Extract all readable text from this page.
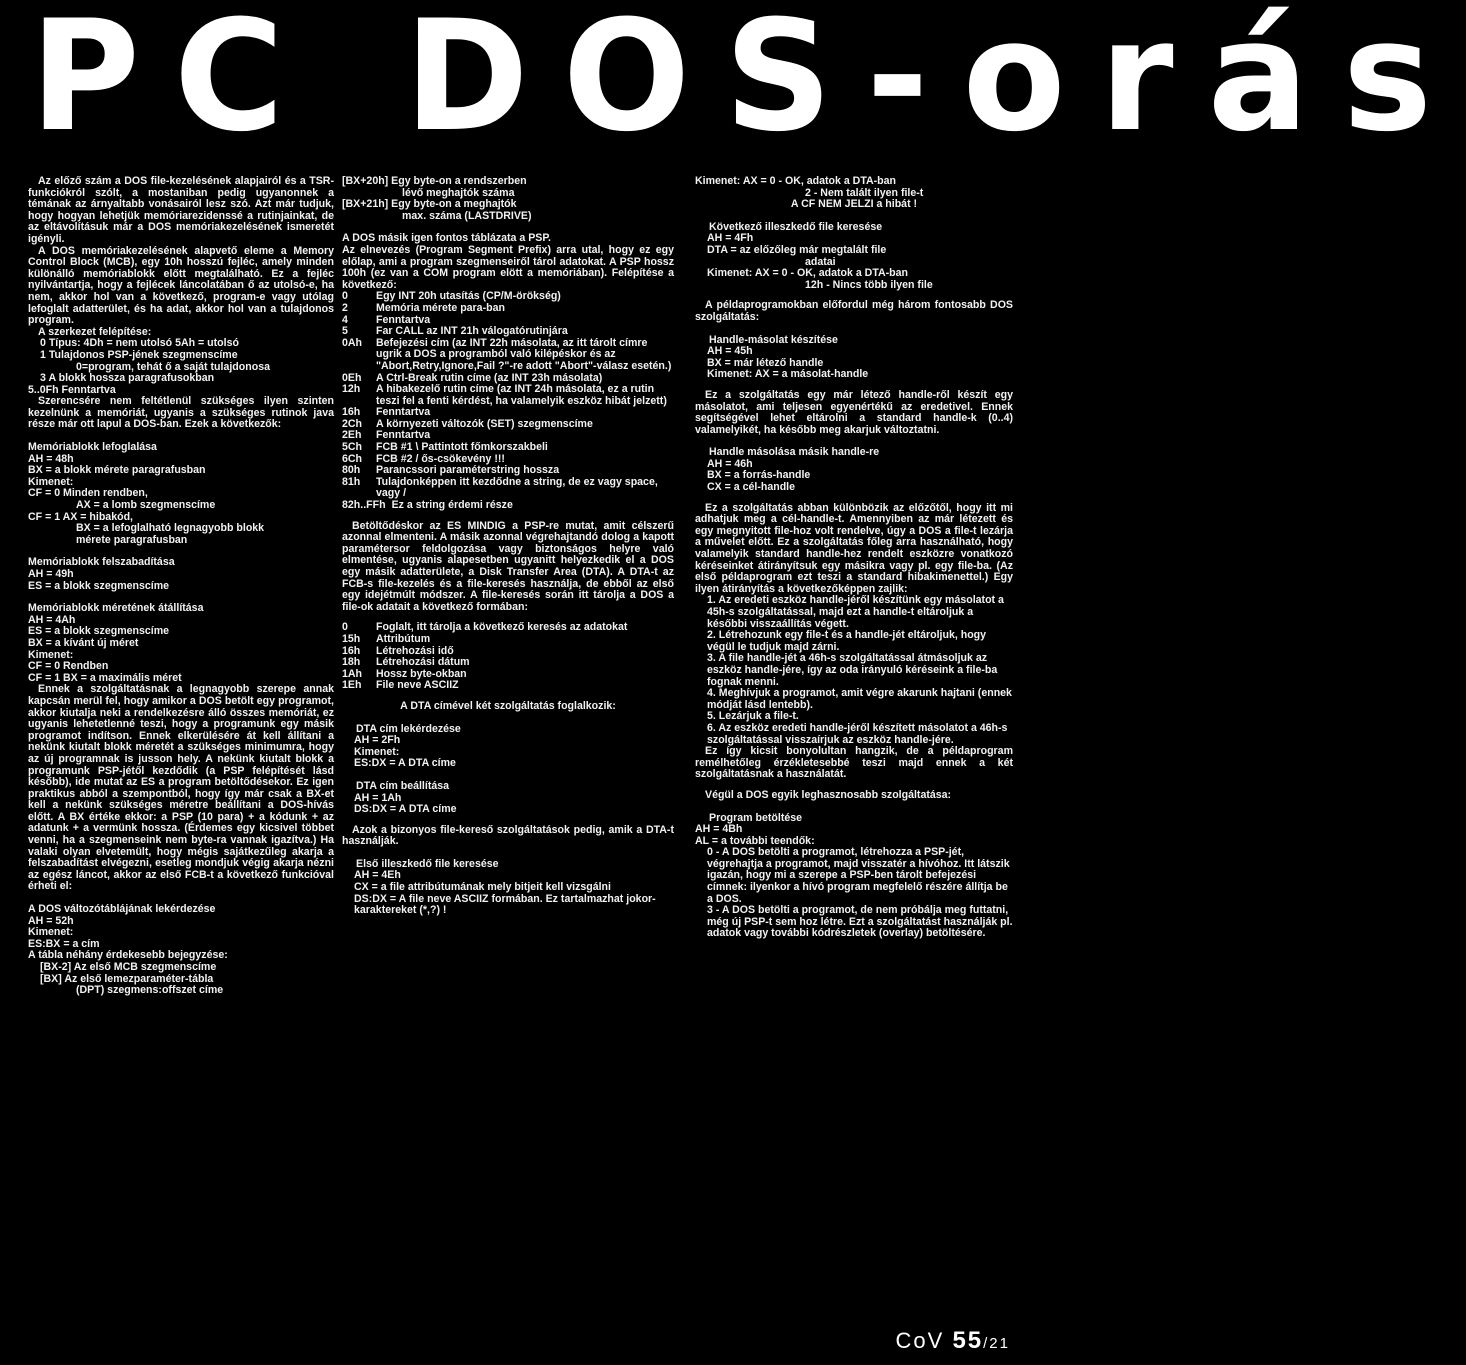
PC DOS-orás

Az előző szám a DOS file-kezelésének alapjairól és a TSR-funkciókról szólt, a mostaniban pedig ugyanonnek a témának az árnyaltabb vonásairól lesz szó. Azt már tudjuk, hogy hogyan lehetjük memóriarezidenssé a rutinjainkat, de az eltávolításuk már a DOS memóriakezelésének ismeretét igényli.

A DOS memóriakezelésének alapvető eleme a Memory Control Block (MCB), egy 10h hosszú fejléc, amely minden különálló memóriablokk előtt megtalálható. Ez a fejléc nyilvántartja, hogy a fejlécek láncolatában ő az utolsó-e, ha nem, akkor hol van a következő, program-e vagy utólag lefoglalt adatterület, és ha adat, akkor hol van a tulajdonos program.

A szerkezet felépítése:

0 Típus: 4Dh = nem utolsó 5Ah = utolsó
1 Tulajdonos PSP-jének szegmenscíme
0=program, tehát ő a saját tulajdonosa
3 A blokk hossza paragrafusokban
5..0Fh Fenntartva

Szerencsére nem feltétlenül szükséges ilyen szinten kezelnünk a memóriát, ugyanis a szükséges rutinok java része már ott lapul a DOS-ban. Ezek a következők:

Memóriablokk lefoglalása
AH = 48h
BX = a blokk mérete paragrafusban
Kimenet:
CF = 0 Minden rendben,
AX = a lomb szegmenscíme
CF = 1 AX = hibakód,
BX = a lefoglalható legnagyobb blokk
mérete paragrafusban
Memóriablokk felszabadítása
AH = 49h
ES = a blokk szegmenscíme
Memóriablokk méretének átállítása
AH = 4Ah
ES = a blokk szegmenscíme
BX = a kívánt új méret
Kimenet:
CF = 0 Rendben
CF = 1 BX = a maximális méret

Ennek a szolgáltatásnak a legnagyobb szerepe annak kapcsán merül fel, hogy amikor a DOS betölt egy programot, akkor kiutalja neki a rendelkezésre álló összes memóriát, ez ugyanis lehetetlenné teszi, hogy a programunk egy másik programot indítson. Ennek elkerülésére át kell állítani a nekünk kiutalt blokk méretét a szükséges minimumra, hogy az új programnak is jusson hely. A nekünk kiutalt blokk a programunk PSP-jétől kezdődik (a PSP felépítését lásd később), ide mutat az ES a program betöltődésekor. Ez igen praktikus abból a szempontból, hogy így már csak a BX-et kell a nekünk szükséges méretre beállítani a DOS-hívás előtt. A BX értéke ekkor: a PSP (10 para) + a kódunk + az adatunk + a vermünk hossza. (Érdemes egy kicsivel többet venni, ha a szegmenseink nem byte-ra vannak igazítva.) Ha valaki olyan elvetemült, hogy mégis sajátkezűleg akarja a felszabadítást elvégezni, esetleg mondjuk végig akarja nézni az egész láncot, akkor az első FCB-t a következő funkcióval érheti el:

A DOS változótáblájának lekérdezése
AH = 52h
Kimenet:
ES:BX = a cím
A tábla néhány érdekesebb bejegyzése:
[BX-2] Az első MCB szegmenscíme
[BX] Az első lemezparaméter-tábla
(DPT) szegmens:offszet címe
[BX+20h] Egy byte-on a rendszerben
lévő meghajtók száma
[BX+21h] Egy byte-on a meghajtók
max. száma (LASTDRIVE)
A DOS másik igen fontos táblázata a PSP.

Az elnevezés (Program Segment Prefix) arra utal, hogy ez egy előlap, ami a program szegmenseiről tárol adatokat. A PSP hossz 100h (ez van a COM program elött a memóriában). Felépítése a következő:

0	Egy INT 20h utasítás (CP/M-örökség)
2	Memória mérete para-ban
4	Fenntartva
5	Far CALL az INT 21h válogatórutinjára
0Ah	Befejezési cím (az INT 22h másolata, az itt tárolt címre ugrik a DOS a programból való kilépéskor és az "Abort,Retry,Ignore,Fail ?"-re adott "Abort"-válasz esetén.)
0Eh	A Ctrl-Break rutin címe (az INT 23h másolata)
12h	A hibakezelő rutin címe (az INT 24h másolata, ez a rutin teszi fel a fenti kérdést, ha valamelyik eszköz hibát jelzett)
16h	Fenntartva
2Ch	A környezeti változók (SET) szegmenscíme
2Eh	Fenntartva
5Ch	FCB #1 \ Pattintott főmkorszakbeli
6Ch	FCB #2 / ős-csökevény !!!
80h	Parancssori paraméterstring hossza
81h	Tulajdonképpen itt kezdődne a string, de ez vagy space, vagy /
82h..FFh Ez a string érdemi része

Betöltődéskor az ES MINDIG a PSP-re mutat, amit célszerű azonnal elmenteni. A másik azonnal végrehajtandó dolog a kapott paramétersor feldolgozása vagy biztonságos helyre való elmentése, ugyanis alapesetben ugyanitt helyezkedik el a DOS egy másik adatterülete, a Disk Transfer Area (DTA). A DTA-t az FCB-s file-kezelés és a file-keresés használja, de ebből az első egy idejétmúlt módszer. A file-keresés során itt tárolja a DOS a file-ok adatait a következő formában:

0	Foglalt, itt tárolja a következő keresés az adatokat
15h	Attribútum
16h	Létrehozási idő
18h	Létrehozási dátum
1Ah	Hossz byte-okban
1Eh	File neve ASCIIZ

A DTA címével két szolgáltatás foglalkozik:

DTA cím lekérdezése
AH = 2Fh
Kimenet:
ES:DX = A DTA címe
DTA cím beállítása
AH = 1Ah
DS:DX = A DTA címe

Azok a bizonyos file-kereső szolgáltatások pedig, amik a DTA-t használják.

Első illeszkedő file keresése
AH = 4Eh
CX = a file attribútumának mely bitjeit kell vizsgálni
DS:DX = A file neve ASCIIZ formában. Ez tartalmazhat jokor-karaktereket (*,?) !
Kimenet: AX = 0 - OK, adatok a DTA-ban
2 - Nem talált ilyen file-t
A CF NEM JELZI a hibát !
Következő illeszkedő file keresése
AH = 4Fh
DTA = az előzőleg már megtalált file
adatai
Kimenet: AX = 0 - OK, adatok a DTA-ban
12h - Nincs több ilyen file

A példaprogramokban előfordul még három fontosabb DOS szolgáltatás:

Handle-másolat készítése
AH = 45h
BX = már létező handle
Kimenet: AX = a másolat-handle

Ez a szolgáltatás egy már létező handle-ről készít egy másolatot, ami teljesen egyenértékű az eredetivel. Ennek segítségével lehet eltárolni a standard handle-k (0..4) valamelyikét, ha később meg akarjuk változtatni.

Handle másolása másik handle-re
AH = 46h
BX = a forrás-handle
CX = a cél-handle

Ez a szolgáltatás abban különbözik az előzőtől, hogy itt mi adhatjuk meg a cél-handle-t. Amennyiben az már létezett és egy megnyitott file-hoz volt rendelve, úgy a DOS a file-t lezárja a művelet előtt. Ez a szolgáltatás főleg arra használható, hogy valamelyik standard handle-hez rendelt eszközre vonatkozó kéréseinket átirányítsuk egy másikra vagy pl. egy file-ba. (Az első példaprogram ezt teszi a standard hibakimenettel.) Egy ilyen átirányítás a következőképpen zajlik:

1. Az eredeti eszköz handle-jéről készítünk egy másolatot a 45h-s szolgáltatással, majd ezt a handle-t eltároljuk a későbbi visszaállítás végett.
2. Létrehozunk egy file-t és a handle-jét eltároljuk, hogy végül le tudjuk majd zárni.
3. A file handle-jét a 46h-s szolgáltatással átmásoljuk az eszköz handle-jére, így az oda irányuló kéréseink a file-ba fognak menni.
4. Meghívjuk a programot, amit végre akarunk hajtani (ennek módját lásd lentebb).
5. Lezárjuk a file-t.
6. Az eszköz eredeti handle-jéről készített másolatot a 46h-s szolgáltatással visszaírjuk az eszköz handle-jére.

Ez így kicsit bonyolultan hangzik, de a példaprogram remélhetőleg érzékletesebbé teszi majd ennek a két szolgáltatásnak a használatát.

Végül a DOS egyik leghasznosabb szolgáltatása:

Program betöltése
AH = 4Bh
AL = a további teendők:
0 - A DOS betölti a programot, létrehozza a PSP-jét, végrehajtja a programot, majd visszatér a hívóhoz. Itt látszik igazán, hogy mi a szerepe a PSP-ben tárolt befejezési címnek: ilyenkor a hívó program megfelelő részére állítja be a DOS.
3 - A DOS betölti a programot, de nem próbálja meg futtatni, még új PSP-t sem hoz létre. Ezt a szolgáltatást használják pl. adatok vagy további kódrészletek (overlay) betöltésére.
CoV 55/21
